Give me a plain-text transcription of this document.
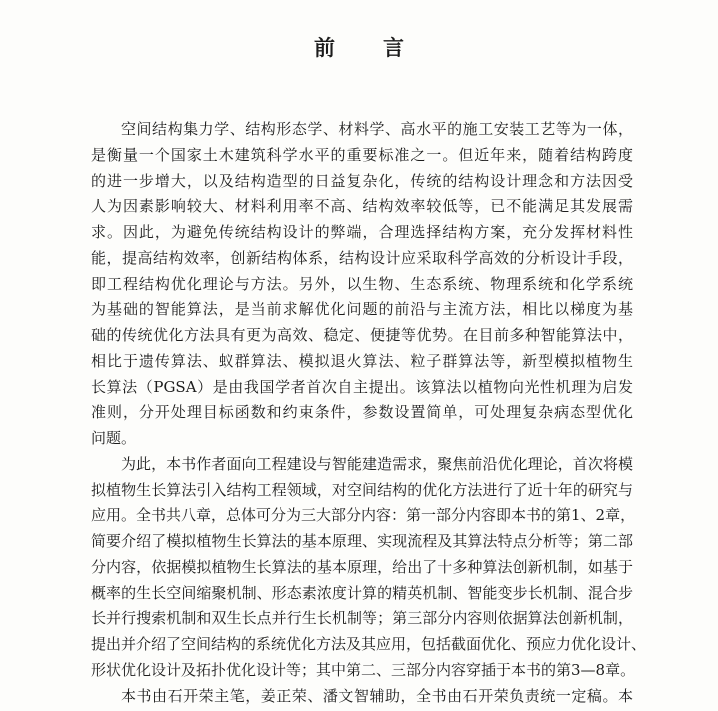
前言
空间结构集力学、结构形态学、材料学、高水平的施工安装工艺等为一体，
是衡量一个国家土木建筑科学水平的重要标准之一。但近年来，随着结构跨度
的进一步增大，以及结构造型的日益复杂化，传统的结构设计理念和方法因受
人为因素影响较大、材料利用率不高、结构效率较低等，已不能满足其发展需
求。因此，为避免传统结构设计的弊端，合理选择结构方案，充分发挥材料性
能，提高结构效率，创新结构体系，结构设计应采取科学高效的分析设计手段，
即工程结构优化理论与方法。另外，以生物、生态系统、物理系统和化学系统
为基础的智能算法，是当前求解优化问题的前沿与主流方法，相比以梯度为基
础的传统优化方法具有更为高效、稳定、便捷等优势。在目前多种智能算法中，
相比于遗传算法、蚁群算法、模拟退火算法、粒子群算法等，新型模拟植物生
长算法（PGSA）是由我国学者首次自主提出。该算法以植物向光性机理为启发
准则，分开处理目标函数和约束条件，参数设置简单，可处理复杂病态型优化
问题。
为此，本书作者面向工程建设与智能建造需求，聚焦前沿优化理论，首次将模
拟植物生长算法引入结构工程领域，对空间结构的优化方法进行了近十年的研究与
应用。全书共八章，总体可分为三大部分内容：第一部分内容即本书的第1、2章，
简要介绍了模拟植物生长算法的基本原理、实现流程及其算法特点分析等；第二部
分内容，依据模拟植物生长算法的基本原理，给出了十多种算法创新机制，如基于
概率的生长空间缩聚机制、形态素浓度计算的精英机制、智能变步长机制、混合步
长并行搜索机制和双生长点并行生长机制等；第三部分内容则依据算法创新机制，
提出并介绍了空间结构的系统优化方法及其应用，包括截面优化、预应力优化设计、
形状优化设计及拓扑优化设计等；其中第二、三部分内容穿插于本书的第3—8章。
本书由石开荣主笔，姜正荣、潘文智辅助，全书由石开荣负责统一定稿。本
